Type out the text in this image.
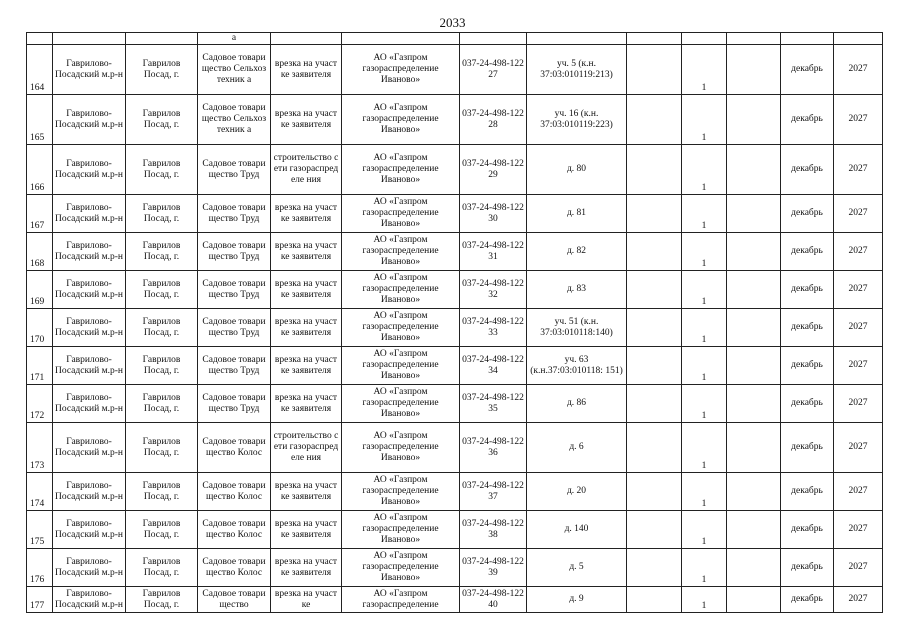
2033
			а									
164	Гаврилово-Посадский м.р-н	Гаврилов Посад, г.	Садовое товарищество Сельхозтехник а	врезка на участке заявителя	АО «Газпром газораспределение Иваново»	037-24-498-12227	уч. 5 (к.н. 37:03:010119:213)		1		декабрь	2027
165	Гаврилово-Посадский м.р-н	Гаврилов Посад, г.	Садовое товарищество Сельхозтехник а	врезка на участке заявителя	АО «Газпром газораспределение Иваново»	037-24-498-12228	уч. 16 (к.н. 37:03:010119:223)		1		декабрь	2027
166	Гаврилово-Посадский м.р-н	Гаврилов Посад, г.	Садовое товарищество Труд	строительство сети газораспределе ния	АО «Газпром газораспределение Иваново»	037-24-498-12229	д. 80		1		декабрь	2027
167	Гаврилово-Посадский м.р-н	Гаврилов Посад, г.	Садовое товарищество Труд	врезка на участке заявителя	АО «Газпром газораспределение Иваново»	037-24-498-12230	д. 81		1		декабрь	2027
168	Гаврилово-Посадский м.р-н	Гаврилов Посад, г.	Садовое товарищество Труд	врезка на участке заявителя	АО «Газпром газораспределение Иваново»	037-24-498-12231	д. 82		1		декабрь	2027
169	Гаврилово-Посадский м.р-н	Гаврилов Посад, г.	Садовое товарищество Труд	врезка на участке заявителя	АО «Газпром газораспределение Иваново»	037-24-498-12232	д. 83		1		декабрь	2027
170	Гаврилово-Посадский м.р-н	Гаврилов Посад, г.	Садовое товарищество Труд	врезка на участке заявителя	АО «Газпром газораспределение Иваново»	037-24-498-12233	уч. 51 (к.н. 37:03:010118:140)		1		декабрь	2027
171	Гаврилово-Посадский м.р-н	Гаврилов Посад, г.	Садовое товарищество Труд	врезка на участке заявителя	АО «Газпром газораспределение Иваново»	037-24-498-12234	уч. 63 (к.н.37:03:010118: 151)		1		декабрь	2027
172	Гаврилово-Посадский м.р-н	Гаврилов Посад, г.	Садовое товарищество Труд	врезка на участке заявителя	АО «Газпром газораспределение Иваново»	037-24-498-12235	д. 86		1		декабрь	2027
173	Гаврилово-Посадский м.р-н	Гаврилов Посад, г.	Садовое товарищество Колос	строительство сети газораспределе ния	АО «Газпром газораспределение Иваново»	037-24-498-12236	д. 6		1		декабрь	2027
174	Гаврилово-Посадский м.р-н	Гаврилов Посад, г.	Садовое товарищество Колос	врезка на участке заявителя	АО «Газпром газораспределение Иваново»	037-24-498-12237	д. 20		1		декабрь	2027
175	Гаврилово-Посадский м.р-н	Гаврилов Посад, г.	Садовое товарищество Колос	врезка на участке заявителя	АО «Газпром газораспределение Иваново»	037-24-498-12238	д. 140		1		декабрь	2027
176	Гаврилово-Посадский м.р-н	Гаврилов Посад, г.	Садовое товарищество Колос	врезка на участке заявителя	АО «Газпром газораспределение Иваново»	037-24-498-12239	д. 5		1		декабрь	2027
177	Гаврилово-Посадский м.р-н	Гаврилов Посад, г.	Садовое товарищество	врезка на участке	АО «Газпром газораспределение	037-24-498-12240	д. 9		1		декабрь	2027
